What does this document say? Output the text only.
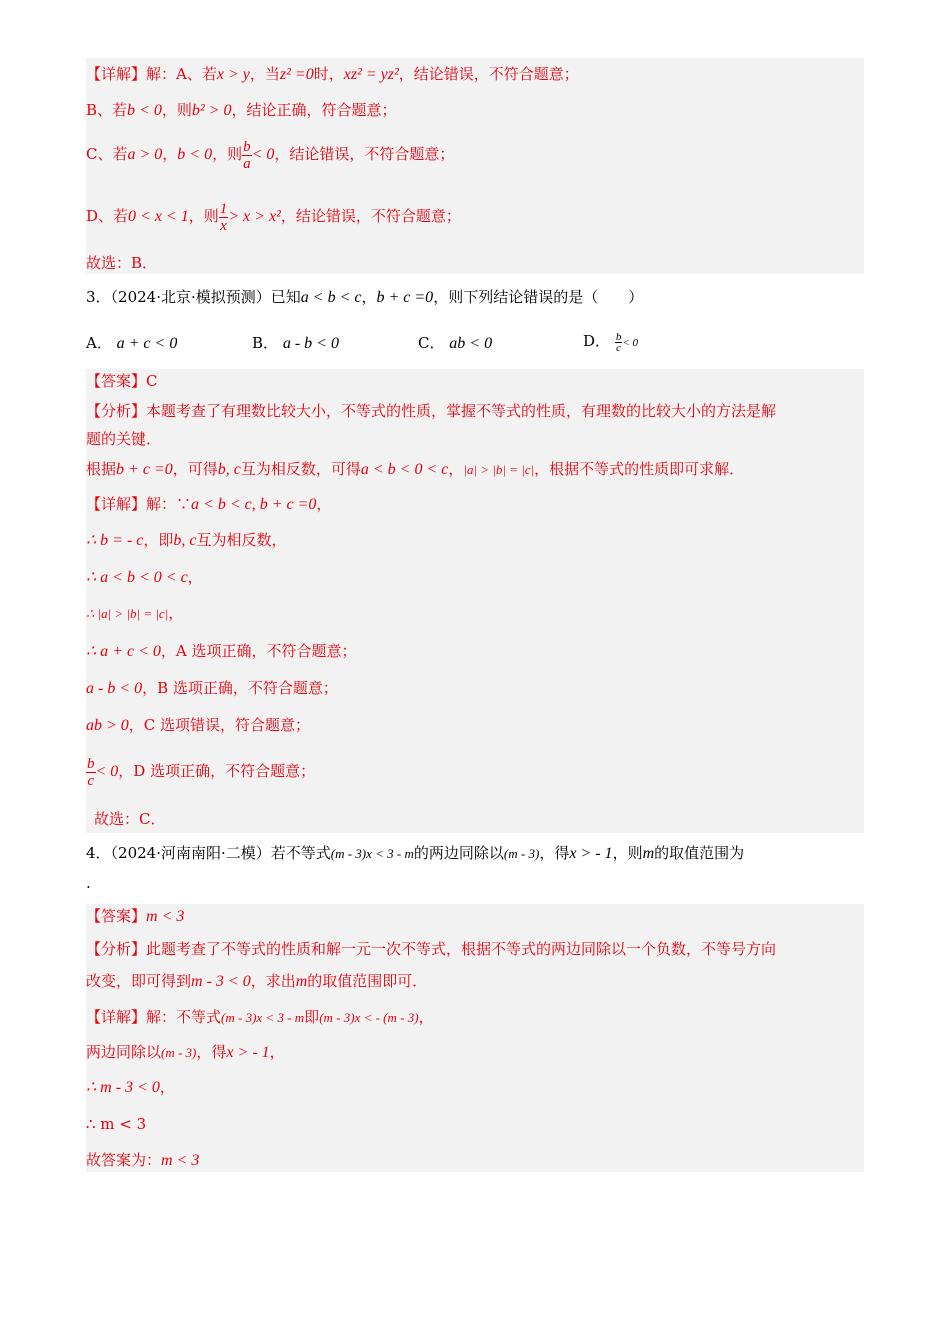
【详解】解：A、若x > y，当z² =0时，xz² = yz²，结论错误，不符合题意；
B、若b < 0，则b² > 0，结论正确，符合题意；
C、若a > 0，b < 0，则 $\frac{b}{a} < 0$，结论错误，不符合题意；
D、若0 < x < 1，则 $\frac{1}{x} > x > x^2$，结论错误，不符合题意；
故选：B．
3．（2024·北京·模拟预测）已知a < b < c，b + c =0，则下列结论错误的是（　　）
A． a + c < 0	B． a - b < 0	C． ab < 0	D． $\frac{b}{c} < 0$
【答案】C
【分析】本题考查了有理数比较大小，不等式的性质，掌握不等式的性质，有理数的比较大小的方法是解
题的关键．
根据b + c =0，可得b, c互为相反数，可得a < b < 0 < c，|a| > |b| = |c|，根据不等式的性质即可求解．
【详解】解：∵a < b < c, b + c =0，
∴ b = - c，即b, c互为相反数，
∴ a < b < 0 < c，
∴ |a| > |b| = |c|，
∴ a + c < 0，A 选项正确，不符合题意；
a - b < 0，B 选项正确，不符合题意；
ab > 0，C 选项错误，符合题意；
$\frac{b}{c} < 0$，D 选项正确，不符合题意；
故选：C．
4．（2024·河南南阳·二模）若不等式(m - 3)x < 3 - m的两边同除以(m - 3)，得x > - 1，则m的取值范围为
.
【答案】m < 3
【分析】此题考查了不等式的性质和解一元一次不等式，根据不等式的两边同除以一个负数，不等号方向
改变，即可得到m - 3 < 0，求出m的取值范围即可．
【详解】解：不等式(m - 3)x < 3 - m即(m - 3)x < - (m - 3)，
两边同除以(m - 3)，得x > - 1，
∴ m - 3 < 0，
∴ m < 3
故答案为：m < 3
